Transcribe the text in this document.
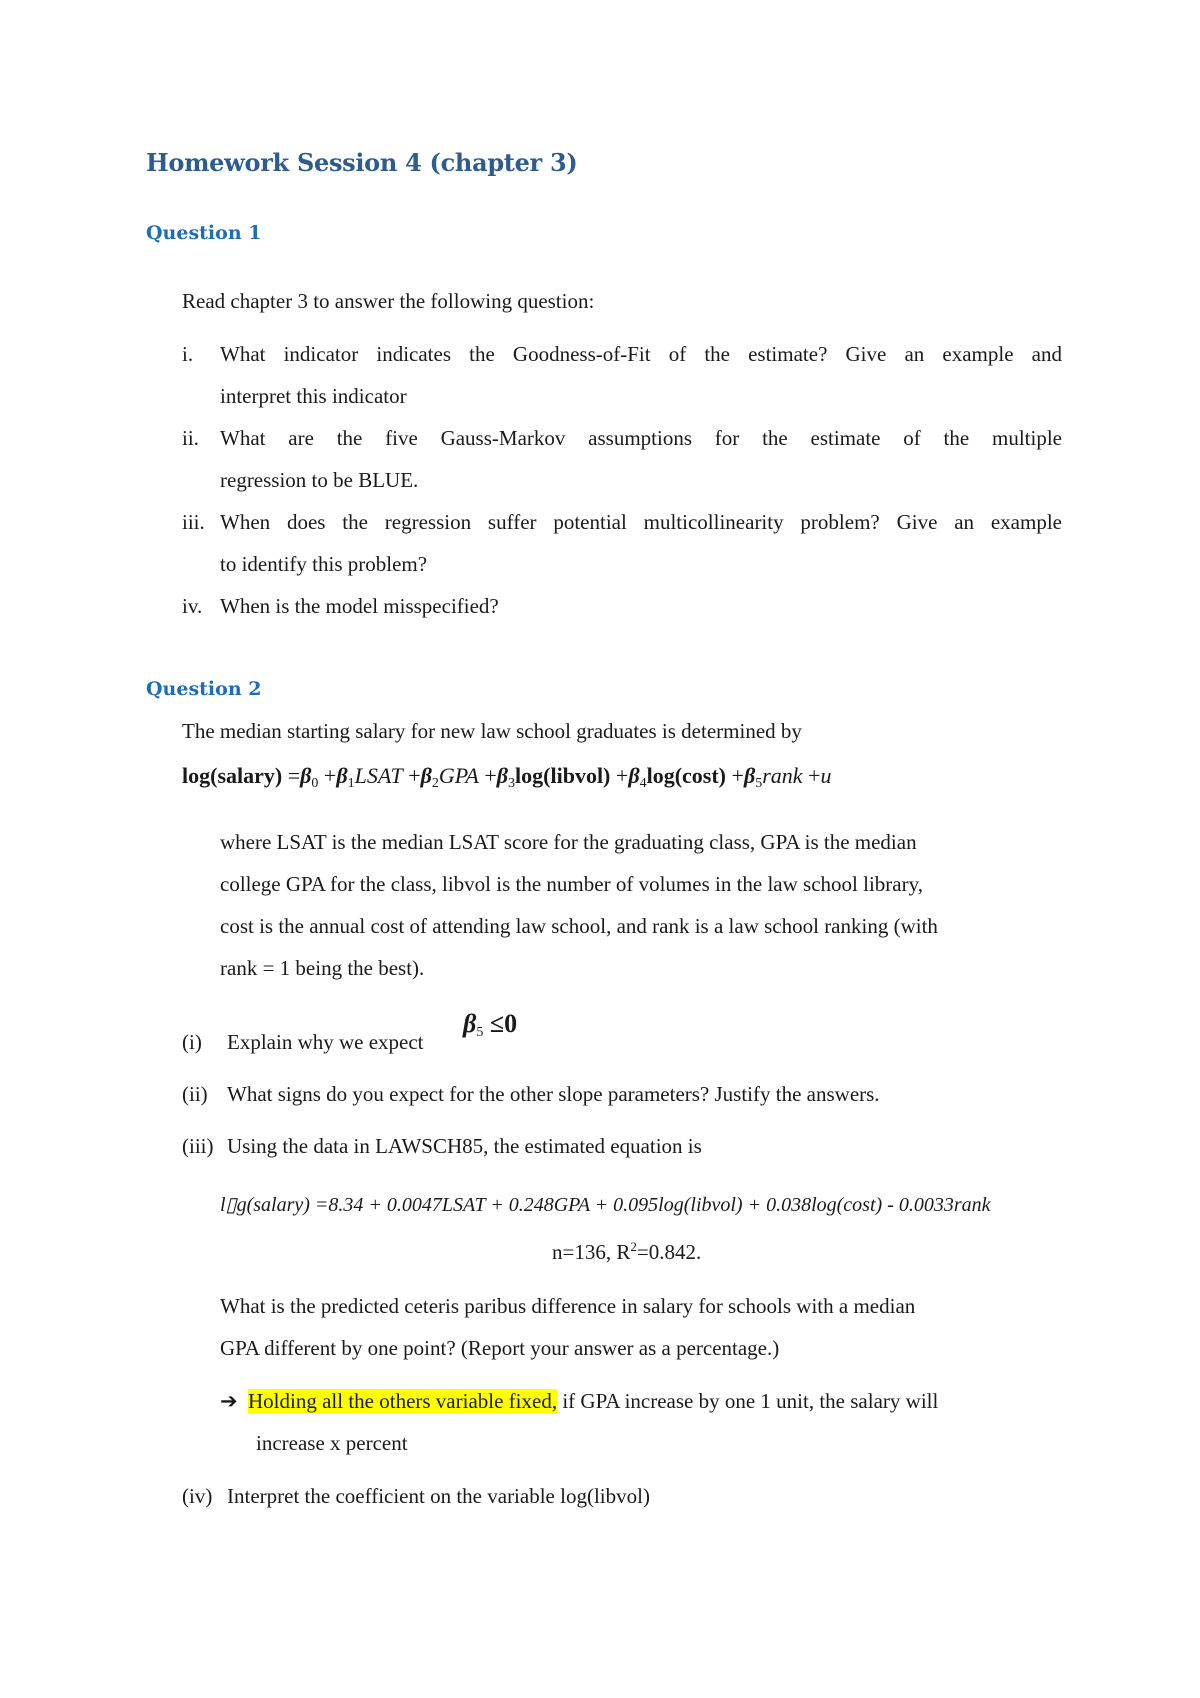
Homework Session 4 (chapter 3)
Question 1
Read chapter 3 to answer the following question:
i. What indicator indicates the Goodness-of-Fit of the estimate? Give an example and
interpret this indicator
ii. What are the five Gauss-Markov assumptions for the estimate of the multiple
regression to be BLUE.
iii. When does the regression suffer potential multicollinearity problem? Give an example
to identify this problem?
iv. When is the model misspecified?
Question 2
The median starting salary for new law school graduates is determined by
log(salary) $=\beta_0$ $+\beta_1LSAT +\beta_2GPA$ $+\beta_3\log(libvol) +\beta_4\log(\cos t)$ $+\beta_5rank +u$
where LSAT is the median LSAT score for the graduating class, GPA is the median
college GPA for the class, libvol is the number of volumes in the law school library,
cost is the annual cost of attending law school, and rank is a law school ranking (with
rank = 1 being the best).
(i) Explain why we expect
$\beta_5 \le 0$
(ii) What signs do you expect for the other slope parameters? Justify the answers.
(iii) Using the data in LAWSCH85, the estimated equation is
l▯g(salary) =8.34 + 0.0047LSAT + 0.248GPA + 0.095log(libvol) + 0.038log(cost) - 0.0033rank
n=136, $R^2=0.842$.
What is the predicted ceteris paribus difference in salary for schools with a median
GPA different by one point? (Report your answer as a percentage.)
➔ Holding all the others variable fixed, if GPA increase by one 1 unit, the salary will
increase x percent
(iv) Interpret the coefficient on the variable log(libvol)
